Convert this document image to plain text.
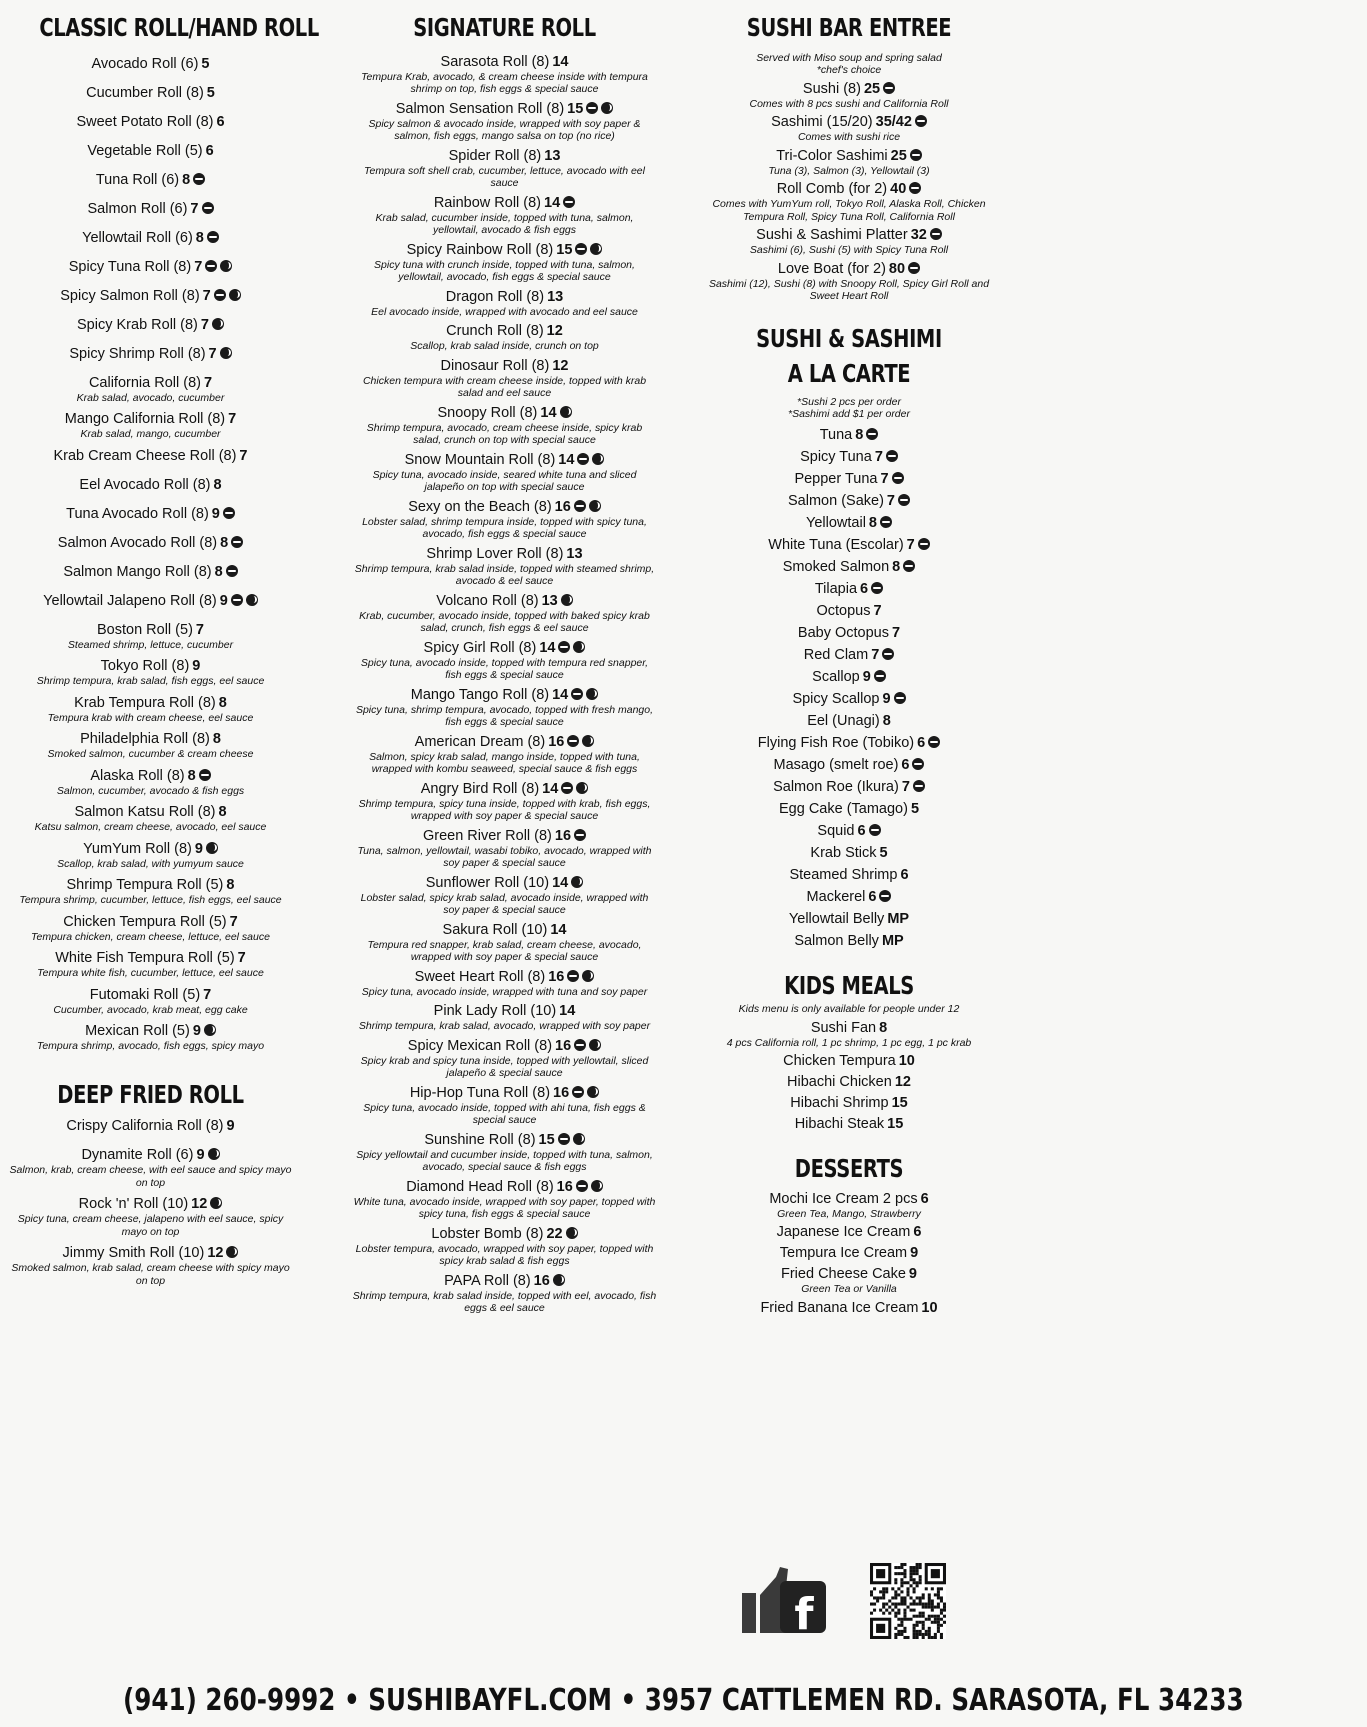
CLASSIC ROLL/HAND ROLL
Avocado Roll (6) 5
Cucumber Roll (8) 5
Sweet Potato Roll (8) 6
Vegetable Roll (5) 6
Tuna Roll (6) 8
Salmon Roll (6) 7
Yellowtail Roll (6) 8
Spicy Tuna Roll (8) 7
Spicy Salmon Roll (8) 7
Spicy Krab Roll (8) 7
Spicy Shrimp Roll (8) 7
California Roll (8) 7
Krab salad, avocado, cucumber
Mango California Roll (8) 7
Krab salad, mango, cucumber
Krab Cream Cheese Roll (8) 7
Eel Avocado Roll (8) 8
Tuna Avocado Roll (8) 9
Salmon Avocado Roll (8) 8
Salmon Mango Roll (8) 8
Yellowtail Jalapeno Roll (8) 9
Boston Roll (5) 7
Steamed shrimp, lettuce, cucumber
Tokyo Roll (8) 9
Shrimp tempura, krab salad, fish eggs, eel sauce
Krab Tempura Roll (8) 8
Tempura krab with cream cheese, eel sauce
Philadelphia Roll (8) 8
Smoked salmon, cucumber & cream cheese
Alaska Roll (8) 8
Salmon, cucumber, avocado & fish eggs
Salmon Katsu Roll (8) 8
Katsu salmon, cream cheese, avocado, eel sauce
YumYum Roll (8) 9
Scallop, krab salad, with yumyum sauce
Shrimp Tempura Roll (5) 8
Tempura shrimp, cucumber, lettuce, fish eggs, eel sauce
Chicken Tempura Roll (5) 7
Tempura chicken, cream cheese, lettuce, eel sauce
White Fish Tempura Roll (5) 7
Tempura white fish, cucumber, lettuce, eel sauce
Futomaki Roll (5) 7
Cucumber, avocado, krab meat, egg cake
Mexican Roll (5) 9
Tempura shrimp, avocado, fish eggs, spicy mayo
DEEP FRIED ROLL
Crispy California Roll (8) 9
Dynamite Roll (6) 9
Salmon, krab, cream cheese, with eel sauce and spicy mayo on top
Rock 'n' Roll (10) 12
Spicy tuna, cream cheese, jalapeno with eel sauce, spicy mayo on top
Jimmy Smith Roll (10) 12
Smoked salmon, krab salad, cream cheese with spicy mayo on top
SIGNATURE ROLL
Sarasota Roll (8) 14
Tempura Krab, avocado, & cream cheese inside with tempura shrimp on top, fish eggs & special sauce
Salmon Sensation Roll (8) 15
Spicy salmon & avocado inside, wrapped with soy paper & salmon, fish eggs, mango salsa on top (no rice)
Spider Roll (8) 13
Tempura soft shell crab, cucumber, lettuce, avocado with eel sauce
Rainbow Roll (8) 14
Krab salad, cucumber inside, topped with tuna, salmon, yellowtail, avocado & fish eggs
Spicy Rainbow Roll (8) 15
Spicy tuna with crunch inside, topped with tuna, salmon, yellowtail, avocado, fish eggs & special sauce
Dragon Roll (8) 13
Eel avocado inside, wrapped with avocado and eel sauce
Crunch Roll (8) 12
Scallop, krab salad inside, crunch on top
Dinosaur Roll (8) 12
Chicken tempura with cream cheese inside, topped with krab salad and eel sauce
Snoopy Roll (8) 14
Shrimp tempura, avocado, cream cheese inside, spicy krab salad, crunch on top with special sauce
Snow Mountain Roll (8) 14
Spicy tuna, avocado inside, seared white tuna and sliced jalapeño on top with special sauce
Sexy on the Beach (8) 16
Lobster salad, shrimp tempura inside, topped with spicy tuna, avocado, fish eggs & special sauce
Shrimp Lover Roll (8) 13
Shrimp tempura, krab salad inside, topped with steamed shrimp, avocado & eel sauce
Volcano Roll (8) 13
Krab, cucumber, avocado inside, topped with baked spicy krab salad, crunch, fish eggs & eel sauce
Spicy Girl Roll (8) 14
Spicy tuna, avocado inside, topped with tempura red snapper, fish eggs & special sauce
Mango Tango Roll (8) 14
Spicy tuna, shrimp tempura, avocado, topped with fresh mango, fish eggs & special sauce
American Dream (8) 16
Salmon, spicy krab salad, mango inside, topped with tuna, wrapped with kombu seaweed, special sauce & fish eggs
Angry Bird Roll (8) 14
Shrimp tempura, spicy tuna inside, topped with krab, fish eggs, wrapped with soy paper & special sauce
Green River Roll (8) 16
Tuna, salmon, yellowtail, wasabi tobiko, avocado, wrapped with soy paper & special sauce
Sunflower Roll (10) 14
Lobster salad, spicy krab salad, avocado inside, wrapped with soy paper & special sauce
Sakura Roll (10) 14
Tempura red snapper, krab salad, cream cheese, avocado, wrapped with soy paper & special sauce
Sweet Heart Roll (8) 16
Spicy tuna, avocado inside, wrapped with tuna and soy paper
Pink Lady Roll (10) 14
Shrimp tempura, krab salad, avocado, wrapped with soy paper
Spicy Mexican Roll (8) 16
Spicy krab and spicy tuna inside, topped with yellowtail, sliced jalapeño & special sauce
Hip-Hop Tuna Roll (8) 16
Spicy tuna, avocado inside, topped with ahi tuna, fish eggs & special sauce
Sunshine Roll (8) 15
Spicy yellowtail and cucumber inside, topped with tuna, salmon, avocado, special sauce & fish eggs
Diamond Head Roll (8) 16
White tuna, avocado inside, wrapped with soy paper, topped with spicy tuna, fish eggs & special sauce
Lobster Bomb (8) 22
Lobster tempura, avocado, wrapped with soy paper, topped with spicy krab salad & fish eggs
PAPA Roll (8) 16
Shrimp tempura, krab salad inside, topped with eel, avocado, fish eggs & eel sauce
SUSHI BAR ENTREE
Served with Miso soup and spring salad *chef's choice
Sushi (8) 25
Comes with 8 pcs sushi and California Roll
Sashimi (15/20) 35/42
Comes with sushi rice
Tri-Color Sashimi 25
Tuna (3), Salmon (3), Yellowtail (3)
Roll Comb (for 2) 40
Comes with YumYum roll, Tokyo Roll, Alaska Roll, Chicken Tempura Roll, Spicy Tuna Roll, California Roll
Sushi & Sashimi Platter 32
Sashimi (6), Sushi (5) with Spicy Tuna Roll
Love Boat (for 2) 80
Sashimi (12), Sushi (8) with Snoopy Roll, Spicy Girl Roll and Sweet Heart Roll
SUSHI & SASHIMI
A LA CARTE
*Sushi 2 pcs per order
*Sashimi add $1 per order
Tuna 8
Spicy Tuna 7
Pepper Tuna 7
Salmon (Sake) 7
Yellowtail 8
White Tuna (Escolar) 7
Smoked Salmon 8
Tilapia 6
Octopus 7
Baby Octopus 7
Red Clam 7
Scallop 9
Spicy Scallop 9
Eel (Unagi) 8
Flying Fish Roe (Tobiko) 6
Masago (smelt roe) 6
Salmon Roe (Ikura) 7
Egg Cake (Tamago) 5
Squid 6
Krab Stick 5
Steamed Shrimp 6
Mackerel 6
Yellowtail Belly MP
Salmon Belly MP
KIDS MEALS
Kids menu is only available for people under 12
Sushi Fan 8
4 pcs California roll, 1 pc shrimp, 1 pc egg, 1 pc krab
Chicken Tempura 10
Hibachi Chicken 12
Hibachi Shrimp 15
Hibachi Steak 15
DESSERTS
Mochi Ice Cream 2 pcs 6
Green Tea, Mango, Strawberry
Japanese Ice Cream 6
Tempura Ice Cream 9
Fried Cheese Cake 9
Green Tea or Vanilla
Fried Banana Ice Cream 10
f
(941) 260-9992 • SUSHIBAYFL.COM • 3957 CATTLEMEN RD. SARASOTA, FL 34233
